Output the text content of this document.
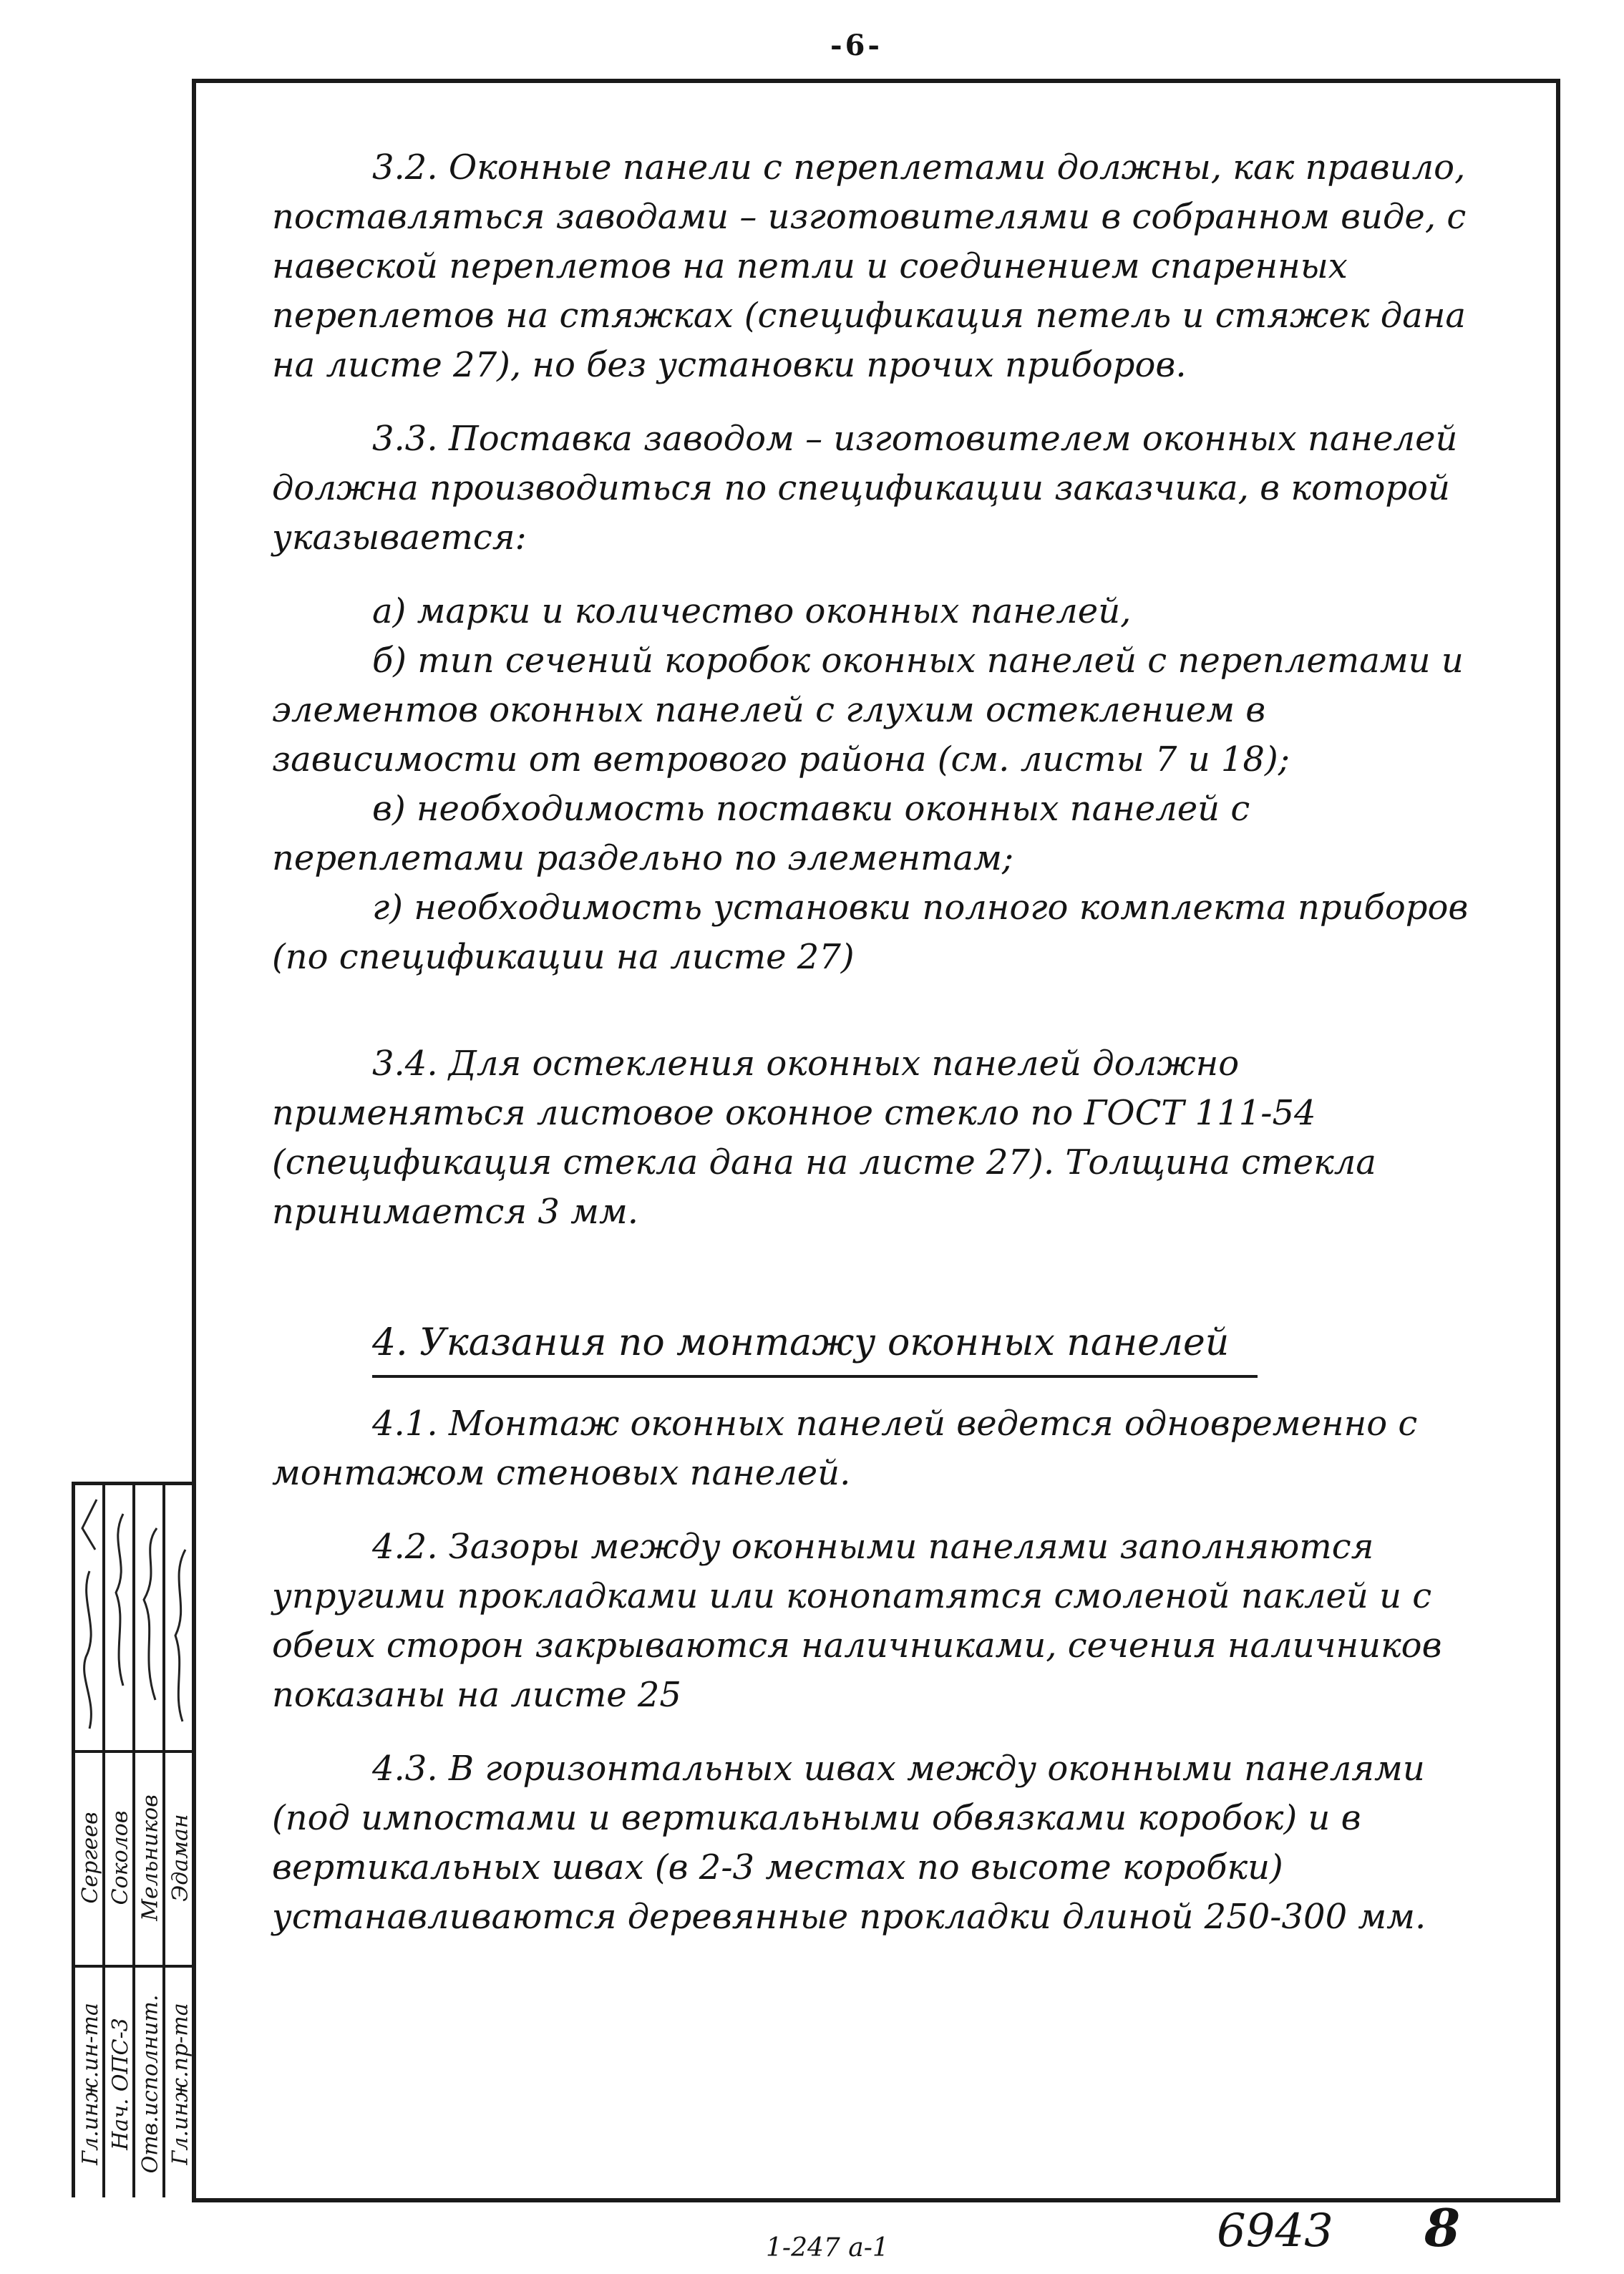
-6-

3.2. Оконные панели с переплетами должны, как правило, поставляться заводами – изготовителями в собранном виде, с навеской переплетов на петли и соединением спаренных переплетов на стяжках (спецификация петель и стяжек дана на листе 27), но без установки прочих приборов.

3.3. Поставка заводом – изготовителем оконных панелей должна производиться по спецификации заказчика, в которой указывается:

а) марки и количество оконных панелей,

б) тип сечений коробок оконных панелей с переплетами и элементов оконных панелей с глухим остеклением в зависимости от ветрового района (см. листы 7 и 18);

в) необходимость поставки оконных панелей с переплетами раздельно по элементам;

г) необходимость установки полного комплекта приборов (по спецификации на листе 27)

3.4. Для остекления оконных панелей должно применяться листовое оконное стекло по ГОСТ 111-54 (спецификация стекла дана на листе 27). Толщина стекла принимается 3 мм.

4. Указания по монтажу оконных панелей

4.1. Монтаж оконных панелей ведется одновременно с монтажом стеновых панелей.

4.2. Зазоры между оконными панелями заполняются упругими прокладками или конопатятся смоленой паклей и с обеих сторон закрываются наличниками, сечения наличников показаны на листе 25

4.3. В горизонтальных швах между оконными панелями (под импостами и вертикальными обвязками коробок) и в вертикальных швах (в 2-3 местах по высоте коробки) устанавливаются деревянные прокладки длиной 250-300 мм.

Сергеев
Гл.инж.ин-та
Соколов
Нач. ОПС-3
Мельников
Отв.исполнит.
Эдаман
Гл.инж.пр-та
1-247 а-1	6943 8
